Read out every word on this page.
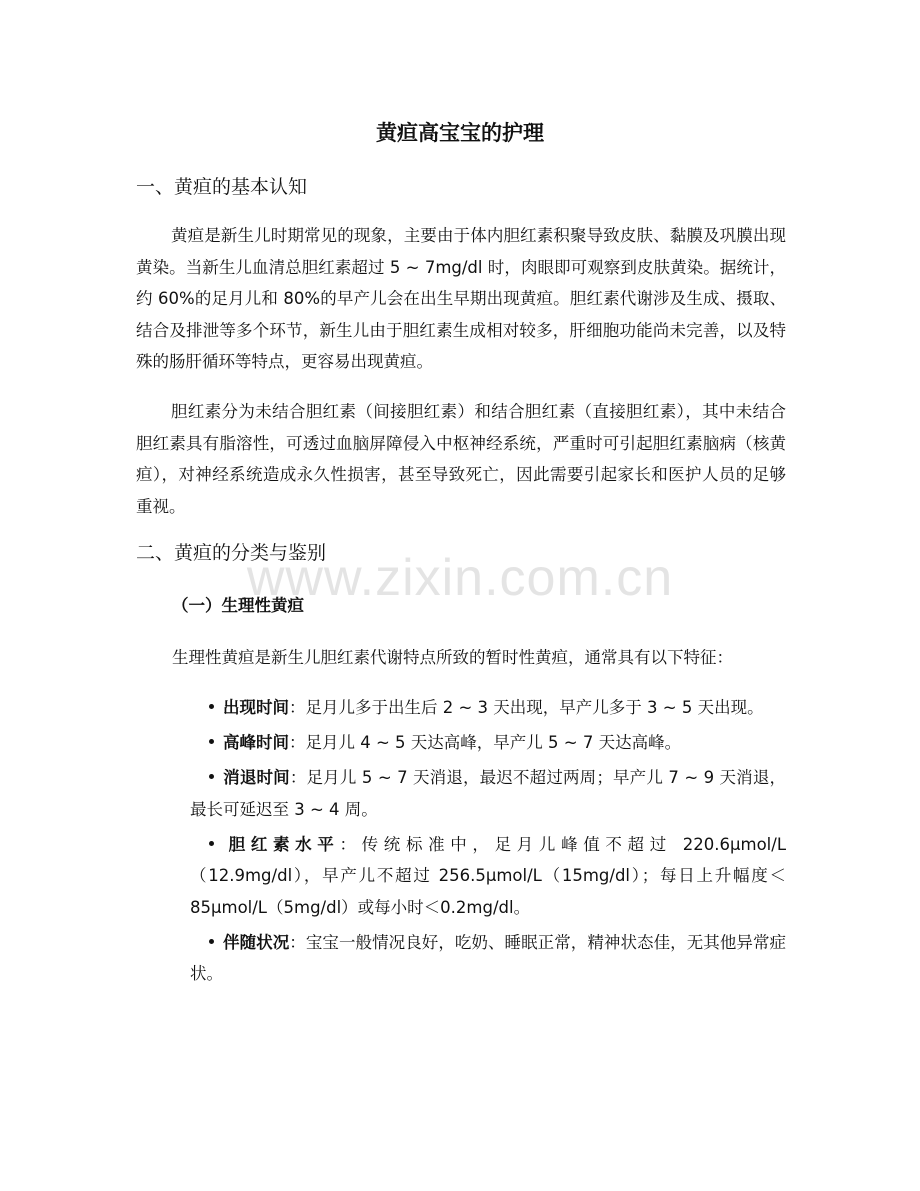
www.zixin.com.cn
黄疸高宝宝的护理
一、黄疸的基本认知

黄疸是新生儿时期常见的现象，主要由于体内胆红素积聚导致皮肤、黏膜及巩膜出现黄染。当新生儿血清总胆红素超过 5 ~ 7mg/dl 时，肉眼即可观察到皮肤黄染。据统计，约 60%的足月儿和 80%的早产儿会在出生早期出现黄疸。胆红素代谢涉及生成、摄取、结合及排泄等多个环节，新生儿由于胆红素生成相对较多，肝细胞功能尚未完善，以及特殊的肠肝循环等特点，更容易出现黄疸。

胆红素分为未结合胆红素（间接胆红素）和结合胆红素（直接胆红素），其中未结合胆红素具有脂溶性，可透过血脑屏障侵入中枢神经系统，严重时可引起胆红素脑病（核黄疸），对神经系统造成永久性损害，甚至导致死亡，因此需要引起家长和医护人员的足够重视。

二、黄疸的分类与鉴别
（一）生理性黄疸

生理性黄疸是新生儿胆红素代谢特点所致的暂时性黄疸，通常具有以下特征：

出现时间：足月儿多于出生后 2 ~ 3 天出现，早产儿多于 3 ~ 5 天出现。
高峰时间：足月儿 4 ~ 5 天达高峰，早产儿 5 ~ 7 天达高峰。
消退时间：足月儿 5 ~ 7 天消退，最迟不超过两周；早产儿 7 ~ 9 天消退，最长可延迟至 3 ~ 4 周。
胆红素水平：传统标准中，足月儿峰值不超过 220.6μmol/L（12.9mg/dl），早产儿不超过 256.5μmol/L（15mg/dl）；每日上升幅度＜85μmol/L（5mg/dl）或每小时＜0.2mg/dl。
伴随状况：宝宝一般情况良好，吃奶、睡眠正常，精神状态佳，无其他异常症状。
